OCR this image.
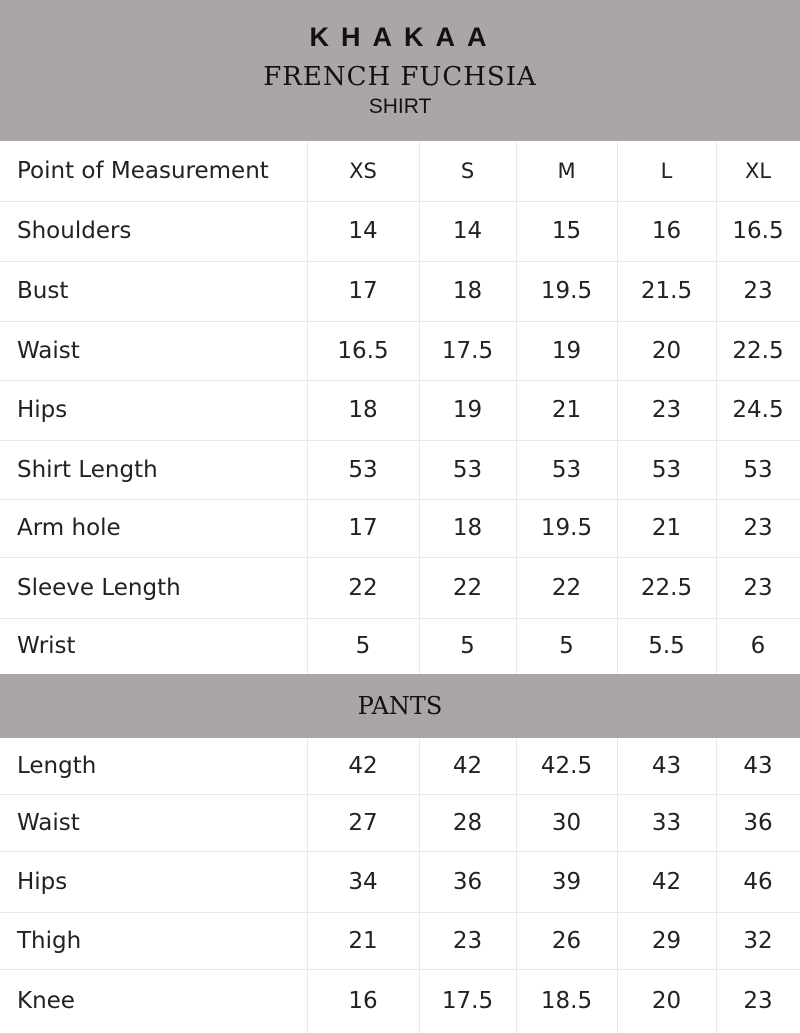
KHAKAA
FRENCH FUCHSIA
SHIRT
Point of Measurement	XS	S	M	L	XL
Shoulders	14	14	15	16	16.5
Bust	17	18	19.5	21.5	23
Waist	16.5	17.5	19	20	22.5
Hips	18	19	21	23	24.5
Shirt Length	53	53	53	53	53
Arm hole	17	18	19.5	21	23
Sleeve Length	22	22	22	22.5	23
Wrist	5	5	5	5.5	6
PANTS
Length	42	42	42.5	43	43
Waist	27	28	30	33	36
Hips	34	36	39	42	46
Thigh	21	23	26	29	32
Knee	16	17.5	18.5	20	23
